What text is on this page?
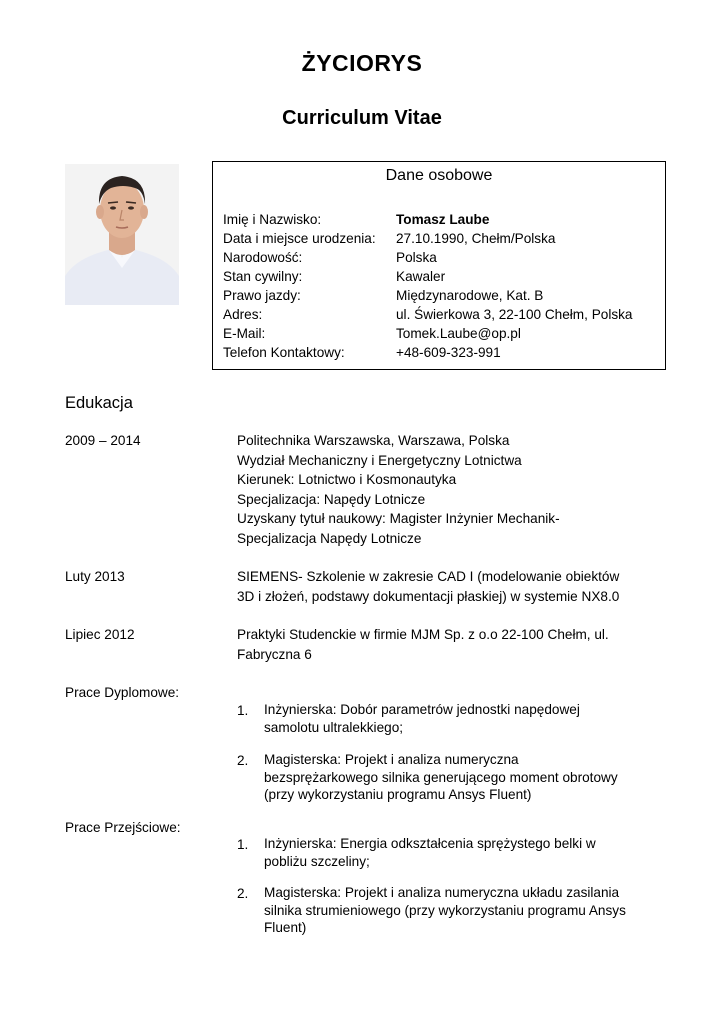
ŻYCIORYS
Curriculum Vitae
Dane osobowe
Imię i Nazwisko:	Tomasz Laube
Data i miejsce urodzenia: 27.10.1990, Chełm/Polska
Narodowość:	Polska
Stan cywilny:	Kawaler
Prawo jazdy:	Międzynarodowe, Kat. B
Adres:	ul. Świerkowa 3, 22-100 Chełm, Polska
E-Mail:	Tomek.Laube@op.pl
Telefon Kontaktowy:	+48-609-323-991
Edukacja
2009 – 2014	Politechnika Warszawska, Warszawa, Polska
Wydział Mechaniczny i Energetyczny Lotnictwa
Kierunek: Lotnictwo i Kosmonautyka
Specjalizacja: Napędy Lotnicze
Uzyskany tytuł naukowy: Magister Inżynier Mechanik-
Specjalizacja Napędy Lotnicze
Luty 2013	SIEMENS- Szkolenie w zakresie CAD I (modelowanie obiektów
3D i złożeń, podstawy dokumentacji płaskiej) w systemie NX8.0
Lipiec 2012	Praktyki Studenckie w firmie MJM Sp. z o.o 22-100 Chełm, ul.
Fabryczna 6
Prace Dyplomowe:
1. Inżynierska: Dobór parametrów jednostki napędowej
samolotu ultralekkiego;
2. Magisterska: Projekt i analiza numeryczna
bezsprężarkowego silnika generującego moment obrotowy
(przy wykorzystaniu programu Ansys Fluent)
Prace Przejściowe:
1. Inżynierska: Energia odkształcenia sprężystego belki w
pobliżu szczeliny;
2. Magisterska: Projekt i analiza numeryczna układu zasilania
silnika strumieniowego (przy wykorzystaniu programu Ansys
Fluent)
